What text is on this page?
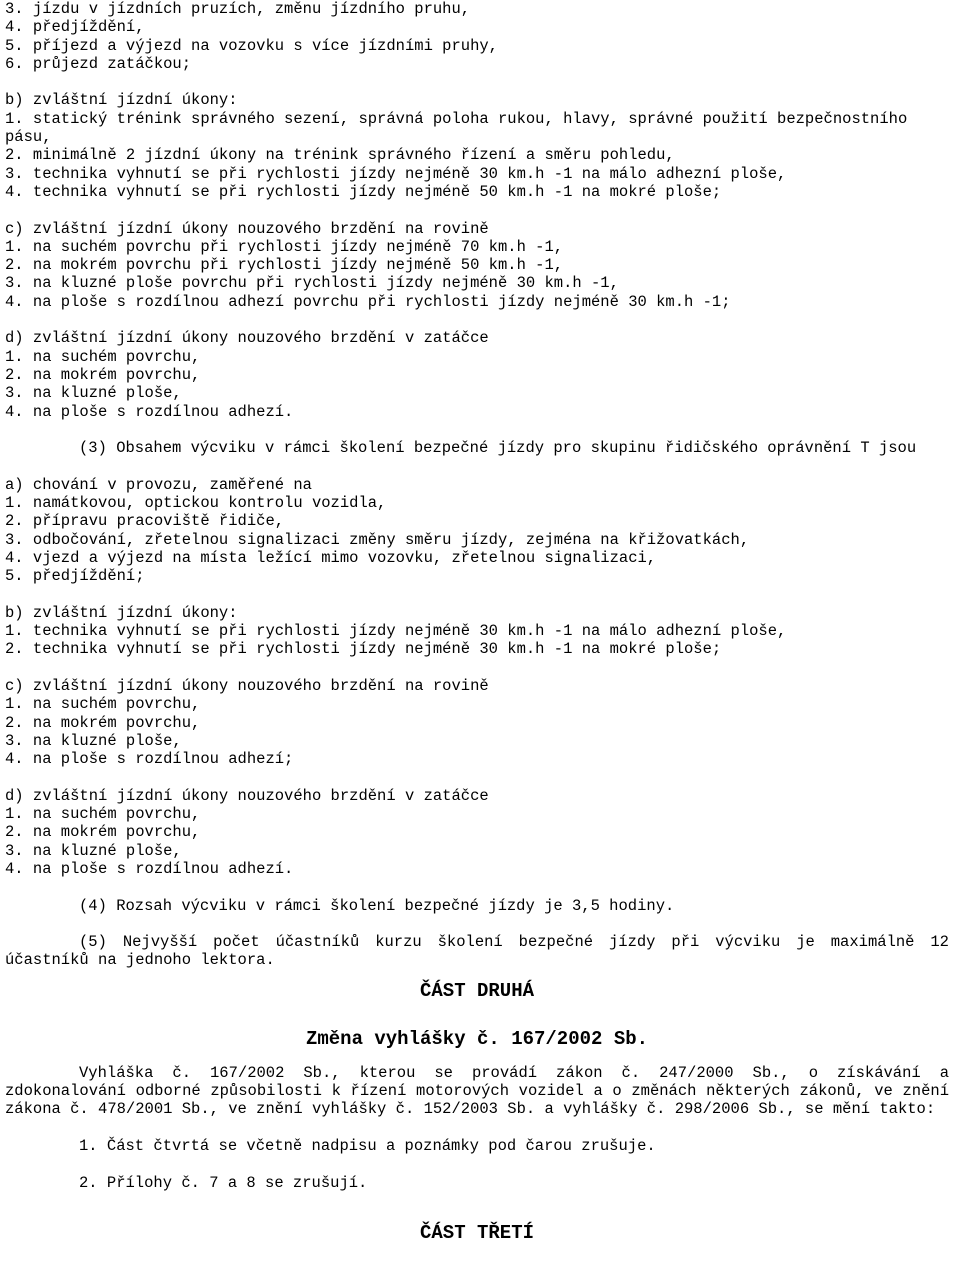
3. jízdu v jízdních pruzích, změnu jízdního pruhu,

4. předjíždění,

5. příjezd a výjezd na vozovku s více jízdními pruhy,

6. průjezd zatáčkou;

b) zvláštní jízdní úkony:

1. statický trénink správného sezení, správná poloha rukou, hlavy, správné použití bezpečnostního pásu,

2. minimálně 2 jízdní úkony na trénink správného řízení a směru pohledu,

3. technika vyhnutí se při rychlosti jízdy nejméně 30 km.h -1 na málo adhezní ploše,

4. technika vyhnutí se při rychlosti jízdy nejméně 50 km.h -1 na mokré ploše;

c) zvláštní jízdní úkony nouzového brzdění na rovině

1. na suchém povrchu při rychlosti jízdy nejméně 70 km.h -1,

2. na mokrém povrchu při rychlosti jízdy nejméně 50 km.h -1,

3. na kluzné ploše povrchu při rychlosti jízdy nejméně 30 km.h -1,

4. na ploše s rozdílnou adhezí povrchu při rychlosti jízdy nejméně 30 km.h -1;

d) zvláštní jízdní úkony nouzového brzdění v zatáčce

1. na suchém povrchu,

2. na mokrém povrchu,

3. na kluzné ploše,

4. na ploše s rozdílnou adhezí.

(3) Obsahem výcviku v rámci školení bezpečné jízdy pro skupinu řidičského oprávnění T jsou

a) chování v provozu, zaměřené na

1. namátkovou, optickou kontrolu vozidla,

2. přípravu pracoviště řidiče,

3. odbočování, zřetelnou signalizaci změny směru jízdy, zejména na křižovatkách,

4. vjezd a výjezd na místa ležící mimo vozovku, zřetelnou signalizaci,

5. předjíždění;

b) zvláštní jízdní úkony:

1. technika vyhnutí se při rychlosti jízdy nejméně 30 km.h -1 na málo adhezní ploše,

2. technika vyhnutí se při rychlosti jízdy nejméně 30 km.h -1 na mokré ploše;

c) zvláštní jízdní úkony nouzového brzdění na rovině

1. na suchém povrchu,

2. na mokrém povrchu,

3. na kluzné ploše,

4. na ploše s rozdílnou adhezí;

d) zvláštní jízdní úkony nouzového brzdění v zatáčce

1. na suchém povrchu,

2. na mokrém povrchu,

3. na kluzné ploše,

4. na ploše s rozdílnou adhezí.

(4) Rozsah výcviku v rámci školení bezpečné jízdy je 3,5 hodiny.

(5) Nejvyšší počet účastníků kurzu školení bezpečné jízdy při výcviku je maximálně 12 účastníků na jednoho lektora.

ČÁST DRUHÁ
Změna vyhlášky č. 167/2002 Sb.

Vyhláška č. 167/2002 Sb., kterou se provádí zákon č. 247/2000 Sb., o získávání a zdokonalování odborné způsobilosti k řízení motorových vozidel a o změnách některých zákonů, ve znění zákona č. 478/2001 Sb., ve znění vyhlášky č. 152/2003 Sb. a vyhlášky č. 298/2006 Sb., se mění takto:

1. Část čtvrtá se včetně nadpisu a poznámky pod čarou zrušuje.

2. Přílohy č. 7 a 8 se zrušují.

ČÁST TŘETÍ
